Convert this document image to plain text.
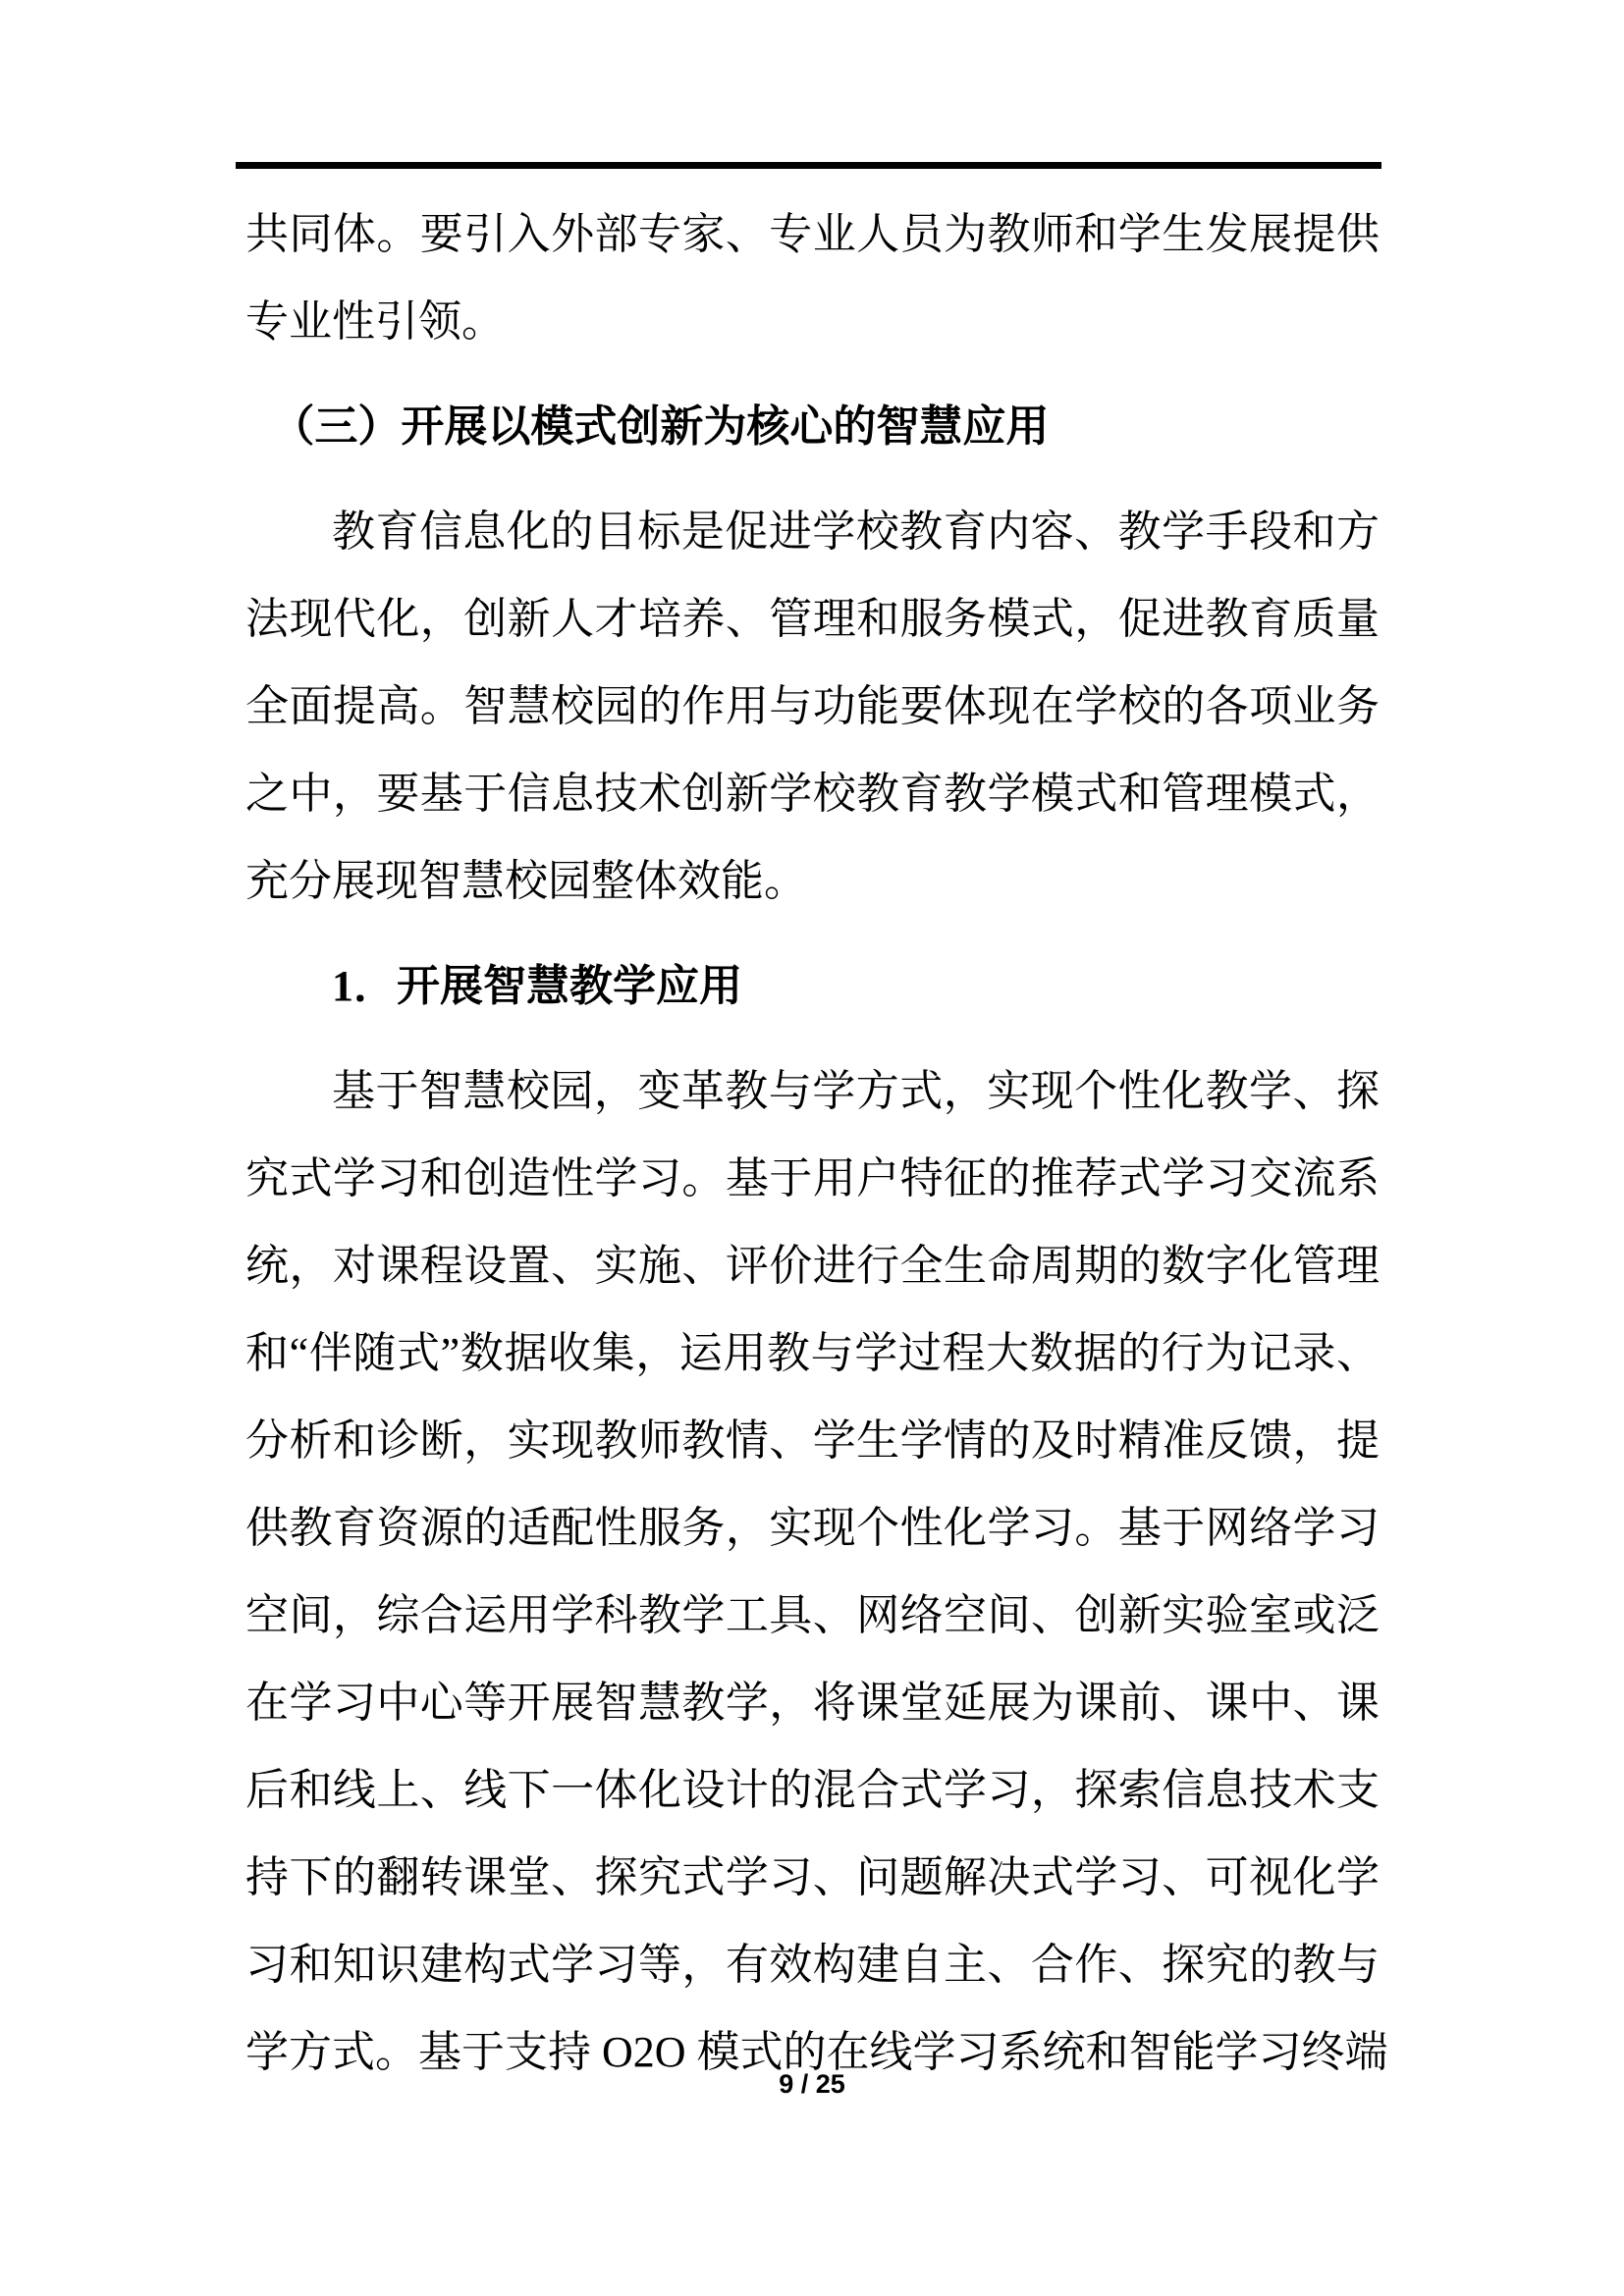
共同体。要引入外部专家、专业人员为教师和学生发展提供
专业性引领。
（三）开展以模式创新为核心的智慧应用
教育信息化的目标是促进学校教育内容、教学手段和方
法现代化，创新人才培养、管理和服务模式，促进教育质量
全面提高。智慧校园的作用与功能要体现在学校的各项业务
之中，要基于信息技术创新学校教育教学模式和管理模式，
充分展现智慧校园整体效能。
1．开展智慧教学应用
基于智慧校园，变革教与学方式，实现个性化教学、探
究式学习和创造性学习。基于用户特征的推荐式学习交流系
统，对课程设置、实施、评价进行全生命周期的数字化管理
和“伴随式”数据收集，运用教与学过程大数据的行为记录、
分析和诊断，实现教师教情、学生学情的及时精准反馈，提
供教育资源的适配性服务，实现个性化学习。基于网络学习
空间，综合运用学科教学工具、网络空间、创新实验室或泛
在学习中心等开展智慧教学，将课堂延展为课前、课中、课
后和线上、线下一体化设计的混合式学习，探索信息技术支
持下的翻转课堂、探究式学习、问题解决式学习、可视化学
习和知识建构式学习等，有效构建自主、合作、探究的教与
学方式。基于支持 O2O 模式的在线学习系统和智能学习终端
9 / 25
